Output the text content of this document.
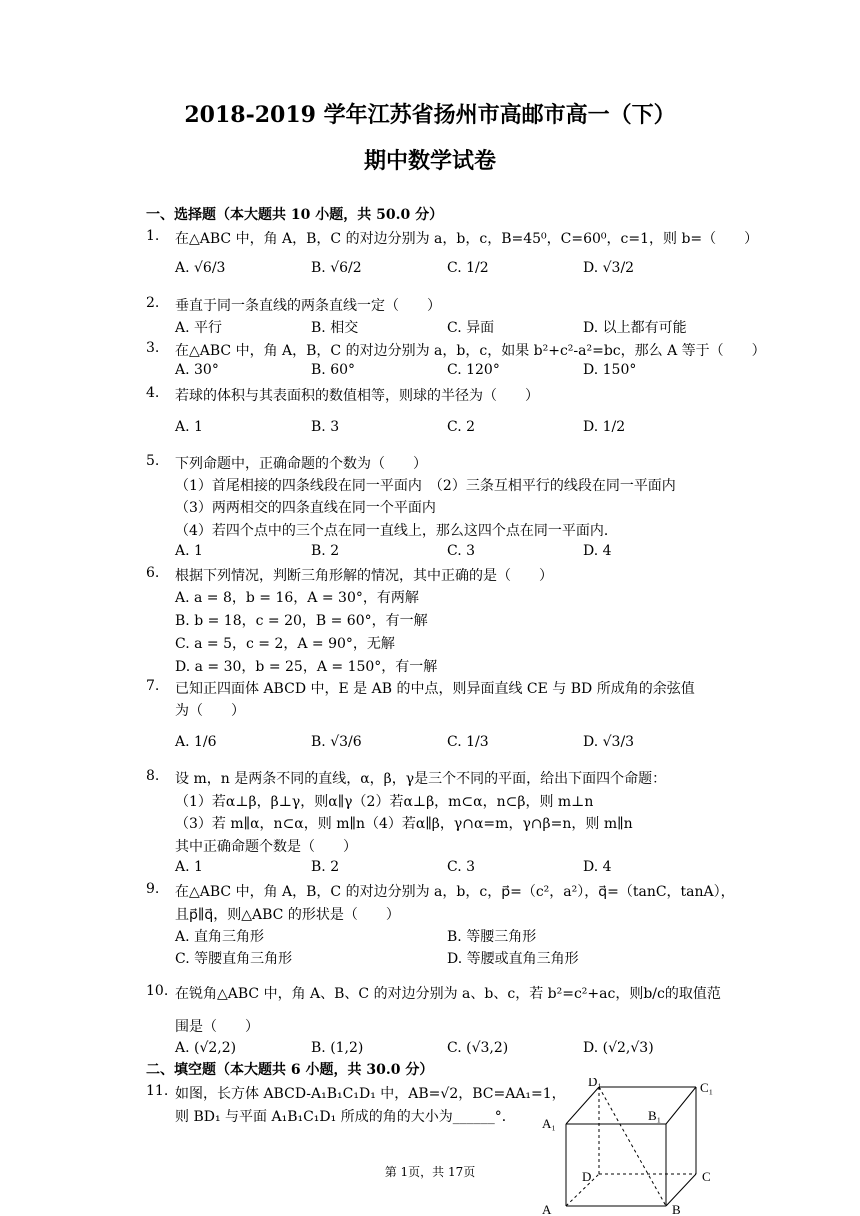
2018-2019 学年江苏省扬州市高邮市高一（下）
期中数学试卷
一、选择题（本大题共 10 小题，共 50.0 分）
1. 在△ABC 中，角 A，B，C 的对边分别为 a，b，c，B=45⁰，C=60⁰，c=1，则 b=（　　）
A. √6/3	B. √6/2	C. 1/2	D. √3/2
2. 垂直于同一条直线的两条直线一定（　　）
A. 平行	B. 相交	C. 异面	D. 以上都有可能
3. 在△ABC 中，角 A，B，C 的对边分别为 a，b，c，如果 b²+c²-a²=bc，那么 A 等于（　　）
A. 30°	B. 60°	C. 120°	D. 150°
4. 若球的体积与其表面积的数值相等，则球的半径为（　　）
A. 1	B. 3	C. 2	D. 1/2
5. 下列命题中，正确命题的个数为（　　）
（1）首尾相接的四条线段在同一平面内　（2）三条互相平行的线段在同一平面内
（3）两两相交的四条直线在同一个平面内
（4）若四个点中的三个点在同一直线上，那么这四个点在同一平面内．
A. 1	B. 2	C. 3	D. 4
6. 根据下列情况，判断三角形解的情况，其中正确的是（　　）
A. a = 8，b = 16，A = 30°，有两解
B. b = 18，c = 20，B = 60°，有一解
C. a = 5，c = 2，A = 90°，无解
D. a = 30，b = 25，A = 150°，有一解
7. 已知正四面体 ABCD 中，E 是 AB 的中点，则异面直线 CE 与 BD 所成角的余弦值
为（　　）
A. 1/6	B. √3/6	C. 1/3	D. √3/3
8. 设 m，n 是两条不同的直线，α，β，γ是三个不同的平面，给出下面四个命题：
（1）若α⊥β，β⊥γ，则α∥γ（2）若α⊥β，m⊂α，n⊂β，则 m⊥n
（3）若 m∥α，n⊂α，则 m∥n（4）若α∥β，γ∩α=m，γ∩β=n，则 m∥n
其中正确命题个数是（　　）
A. 1	B. 2	C. 3	D. 4
9. 在△ABC 中，角 A，B，C 的对边分别为 a，b，c，p⃗=（c²，a²），q⃗=（tanC，tanA），
且p⃗∥q⃗，则△ABC 的形状是（　　）
A. 直角三角形	B. 等腰三角形
C. 等腰直角三角形	D. 等腰或直角三角形
10. 在锐角△ABC 中，角 A、B、C 的对边分别为 a、b、c，若 b²=c²+ac，则b/c的取值范
围是（　　）
A. (√2,2)	B. (1,2)	C. (√3,2)	D. (√2,√3)
二、填空题（本大题共 6 小题，共 30.0 分）
11. 如图，长方体 ABCD-A₁B₁C₁D₁ 中，AB=√2，BC=AA₁=1，
则 BD₁ 与平面 A₁B₁C₁D₁ 所成的角的大小为______°．
D₁	C₁
B₁
A₁
D	C
A	B
第 1页，共 17页
